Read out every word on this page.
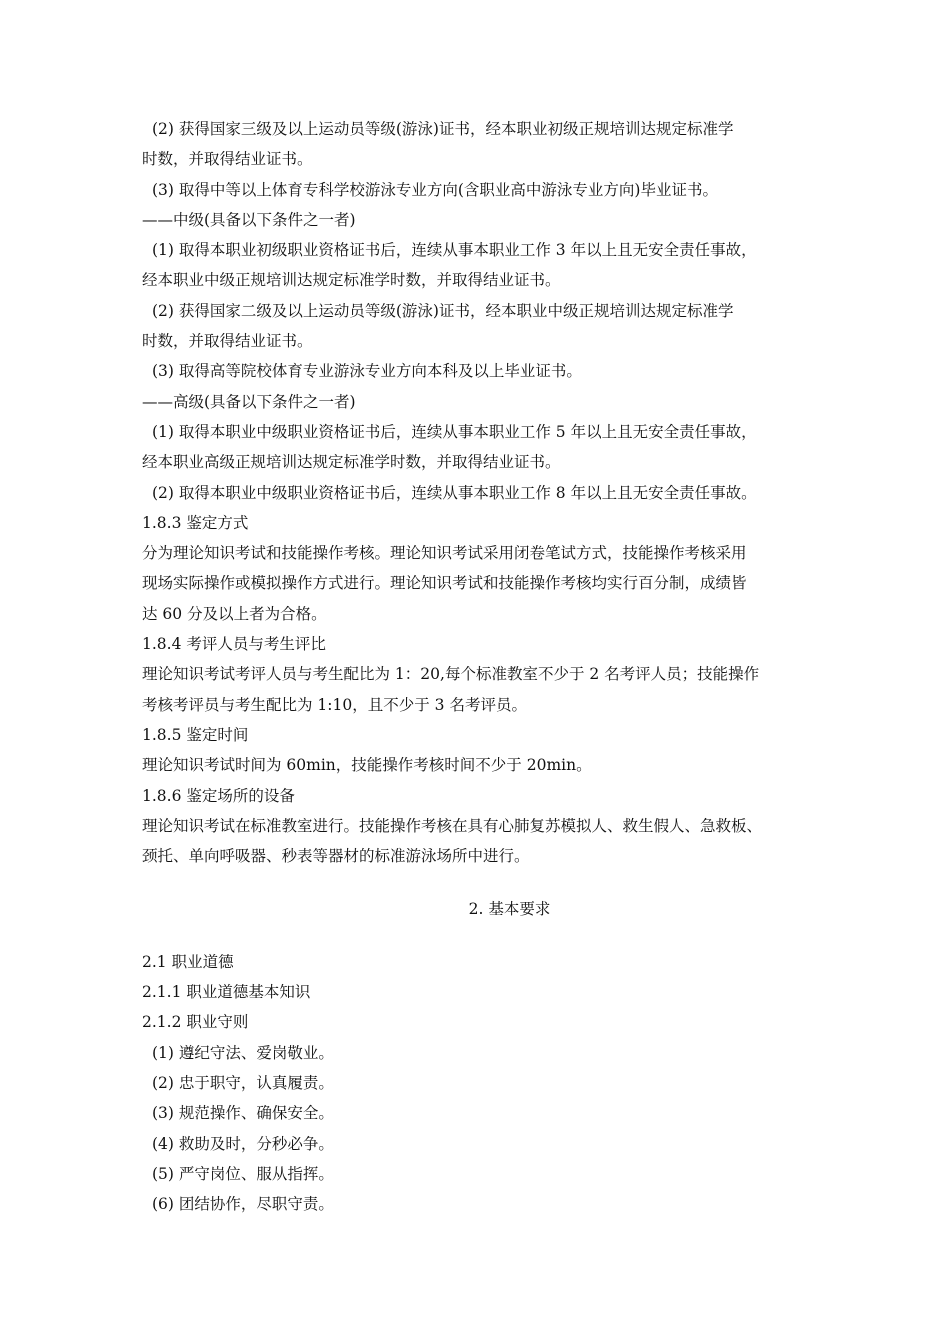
(2) 获得国家三级及以上运动员等级(游泳)证书，经本职业初级正规培训达规定标准学
时数，并取得结业证书。
(3) 取得中等以上体育专科学校游泳专业方向(含职业高中游泳专业方向)毕业证书。
——中级(具备以下条件之一者)
(1) 取得本职业初级职业资格证书后，连续从事本职业工作 3 年以上且无安全责任事故，
经本职业中级正规培训达规定标准学时数，并取得结业证书。
(2) 获得国家二级及以上运动员等级(游泳)证书，经本职业中级正规培训达规定标准学
时数，并取得结业证书。
(3) 取得高等院校体育专业游泳专业方向本科及以上毕业证书。
——高级(具备以下条件之一者)
(1) 取得本职业中级职业资格证书后，连续从事本职业工作 5 年以上且无安全责任事故，
经本职业高级正规培训达规定标准学时数，并取得结业证书。
(2) 取得本职业中级职业资格证书后，连续从事本职业工作 8 年以上且无安全责任事故。
1.8.3 鉴定方式
分为理论知识考试和技能操作考核。理论知识考试采用闭卷笔试方式，技能操作考核采用
现场实际操作或模拟操作方式进行。理论知识考试和技能操作考核均实行百分制，成绩皆
达 60 分及以上者为合格。
1.8.4 考评人员与考生评比
理论知识考试考评人员与考生配比为 1：20,每个标准教室不少于 2 名考评人员；技能操作
考核考评员与考生配比为 1:10，且不少于 3 名考评员。
1.8.5 鉴定时间
理论知识考试时间为 60min，技能操作考核时间不少于 20min。
1.8.6 鉴定场所的设备
理论知识考试在标准教室进行。技能操作考核在具有心肺复苏模拟人、救生假人、急救板、
颈托、单向呼吸器、秒表等器材的标准游泳场所中进行。
2. 基本要求
2.1 职业道德
2.1.1 职业道德基本知识
2.1.2 职业守则
(1) 遵纪守法、爱岗敬业。
(2) 忠于职守，认真履责。
(3) 规范操作、确保安全。
(4) 救助及时，分秒必争。
(5) 严守岗位、服从指挥。
(6) 团结协作，尽职守责。
